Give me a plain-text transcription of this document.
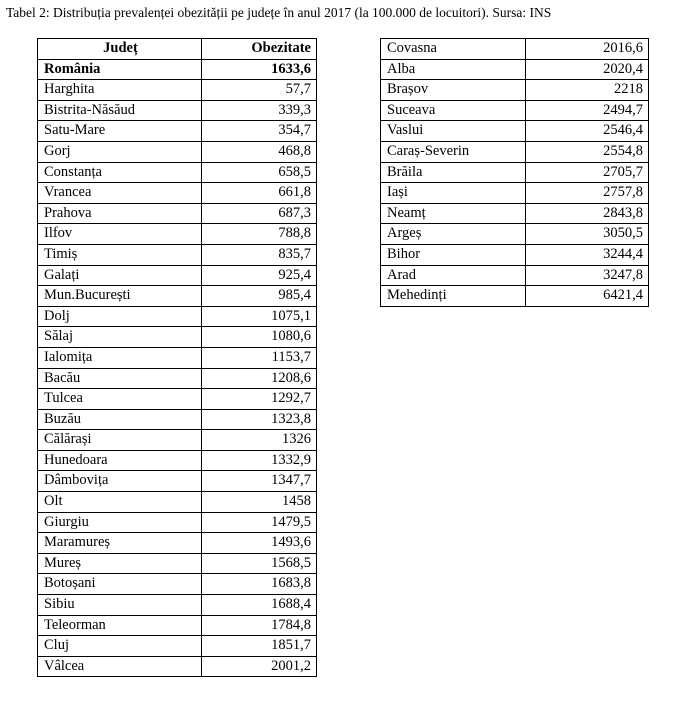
Tabel 2: Distribuția prevalenței obezității pe județe în anul 2017 (la 100.000 de locuitori). Sursa: INS
Județ	Obezitate
România	1633,6
Harghita	57,7
Bistrita-Năsăud	339,3
Satu-Mare	354,7
Gorj	468,8
Constanța	658,5
Vrancea	661,8
Prahova	687,3
Ilfov	788,8
Timiș	835,7
Galați	925,4
Mun.București	985,4
Dolj	1075,1
Sălaj	1080,6
Ialomița	1153,7
Bacău	1208,6
Tulcea	1292,7
Buzău	1323,8
Călărași	1326
Hunedoara	1332,9
Dâmbovița	1347,7
Olt	1458
Giurgiu	1479,5
Maramureș	1493,6
Mureș	1568,5
Botoșani	1683,8
Sibiu	1688,4
Teleorman	1784,8
Cluj	1851,7
Vâlcea	2001,2
Covasna	2016,6
Alba	2020,4
Brașov	2218
Suceava	2494,7
Vaslui	2546,4
Caraș-Severin	2554,8
Brăila	2705,7
Iași	2757,8
Neamț	2843,8
Argeș	3050,5
Bihor	3244,4
Arad	3247,8
Mehedinți	6421,4
